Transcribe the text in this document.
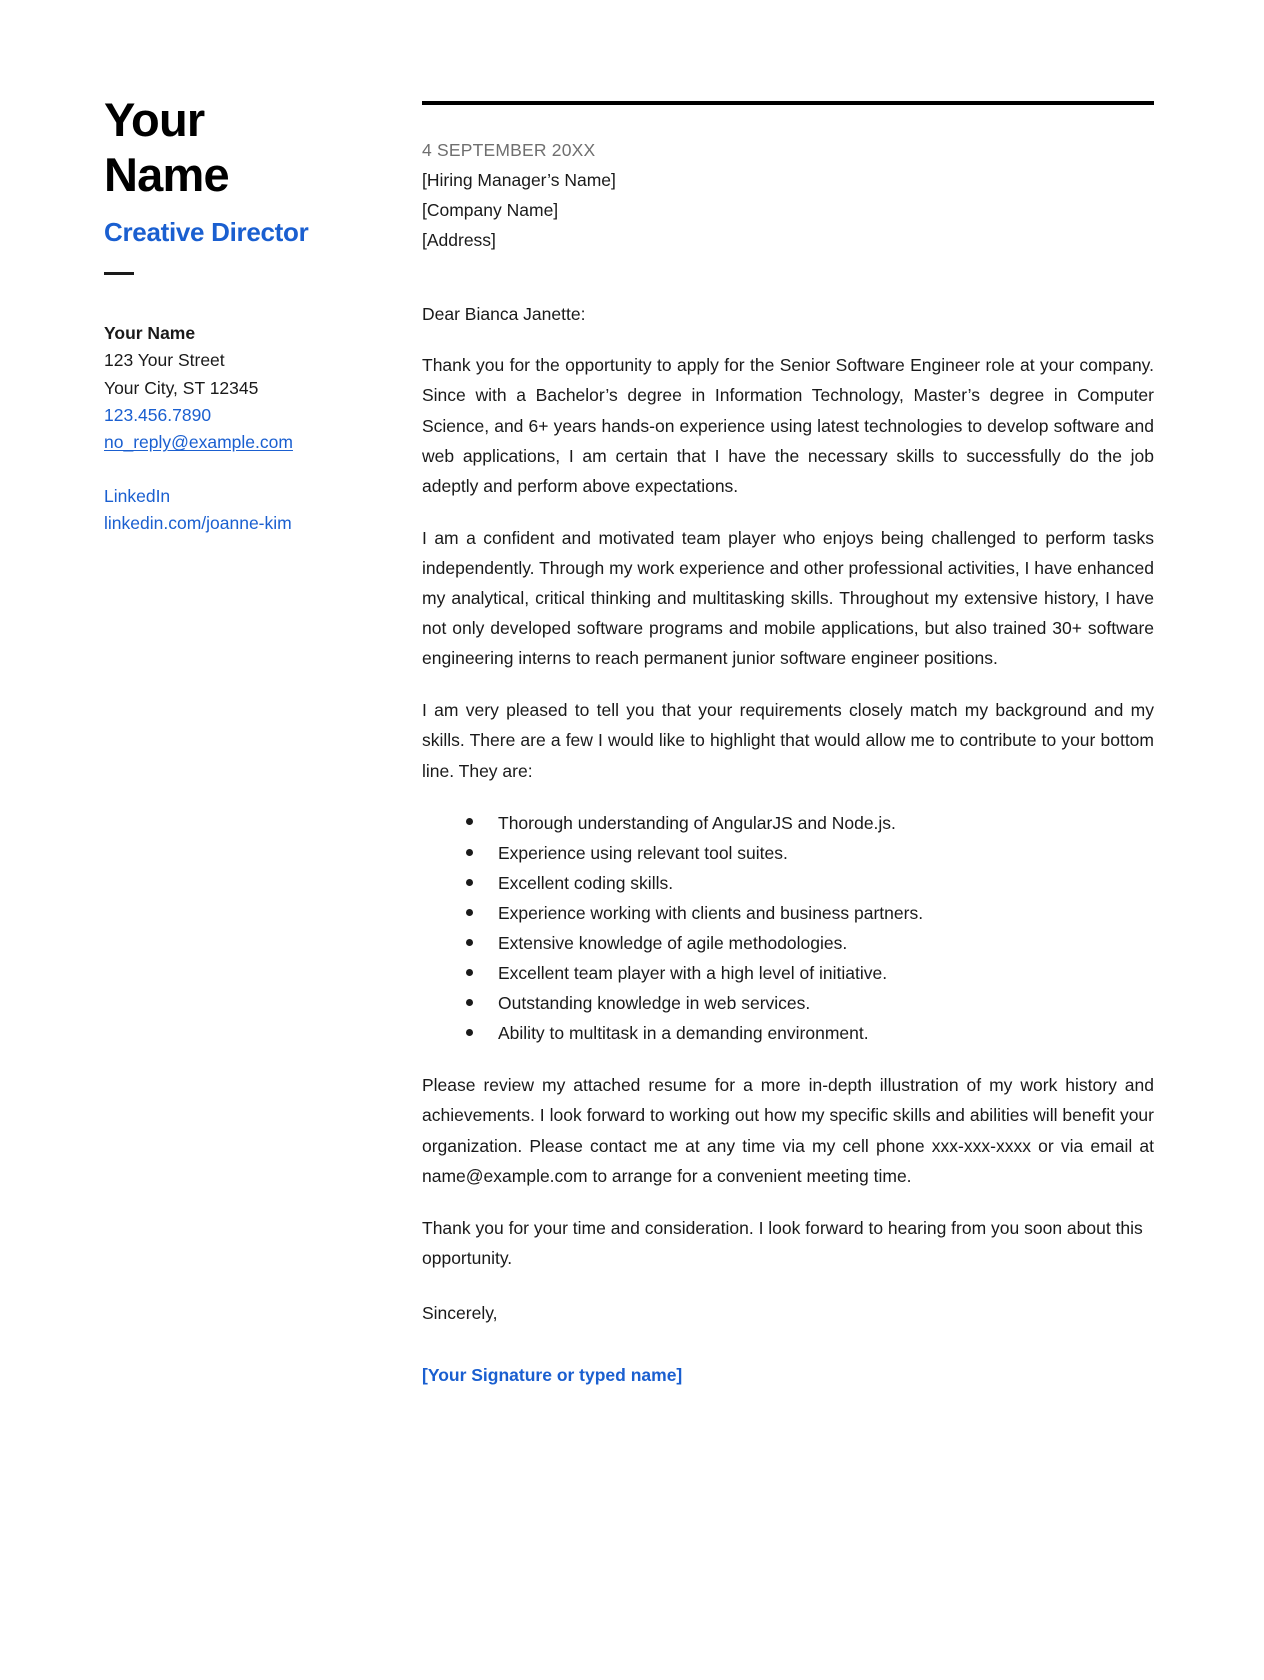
Your
Name
Creative Director
Your Name
123 Your Street
Your City, ST 12345
123.456.7890
no_reply@example.com
LinkedIn
linkedin.com/joanne-kim
4 SEPTEMBER 20XX
[Hiring Manager’s Name]
[Company Name]
[Address]
Dear Bianca Janette:

Thank you for the opportunity to apply for the Senior Software Engineer role at your company. Since with a Bachelor’s degree in Information Technology, Master’s degree in Computer Science, and 6+ years hands-on experience using latest technologies to develop software and web applications, I am certain that I have the necessary skills to successfully do the job adeptly and perform above expectations.

I am a confident and motivated team player who enjoys being challenged to perform tasks independently. Through my work experience and other professional activities, I have enhanced my analytical, critical thinking and multitasking skills. Throughout my extensive history, I have not only developed software programs and mobile applications, but also trained 30+ software engineering interns to reach permanent junior software engineer positions.

I am very pleased to tell you that your requirements closely match my background and my skills. There are a few I would like to highlight that would allow me to contribute to your bottom line. They are:

Thorough understanding of AngularJS and Node.js.
Experience using relevant tool suites.
Excellent coding skills.
Experience working with clients and business partners.
Extensive knowledge of agile methodologies.
Excellent team player with a high level of initiative.
Outstanding knowledge in web services.
Ability to multitask in a demanding environment.

Please review my attached resume for a more in-depth illustration of my work history and achievements. I look forward to working out how my specific skills and abilities will benefit your organization. Please contact me at any time via my cell phone xxx-xxx-xxxx or via email at name@example.com to arrange for a convenient meeting time.

Thank you for your time and consideration. I look forward to hearing from you soon about this opportunity.

Sincerely,
[Your Signature or typed name]
